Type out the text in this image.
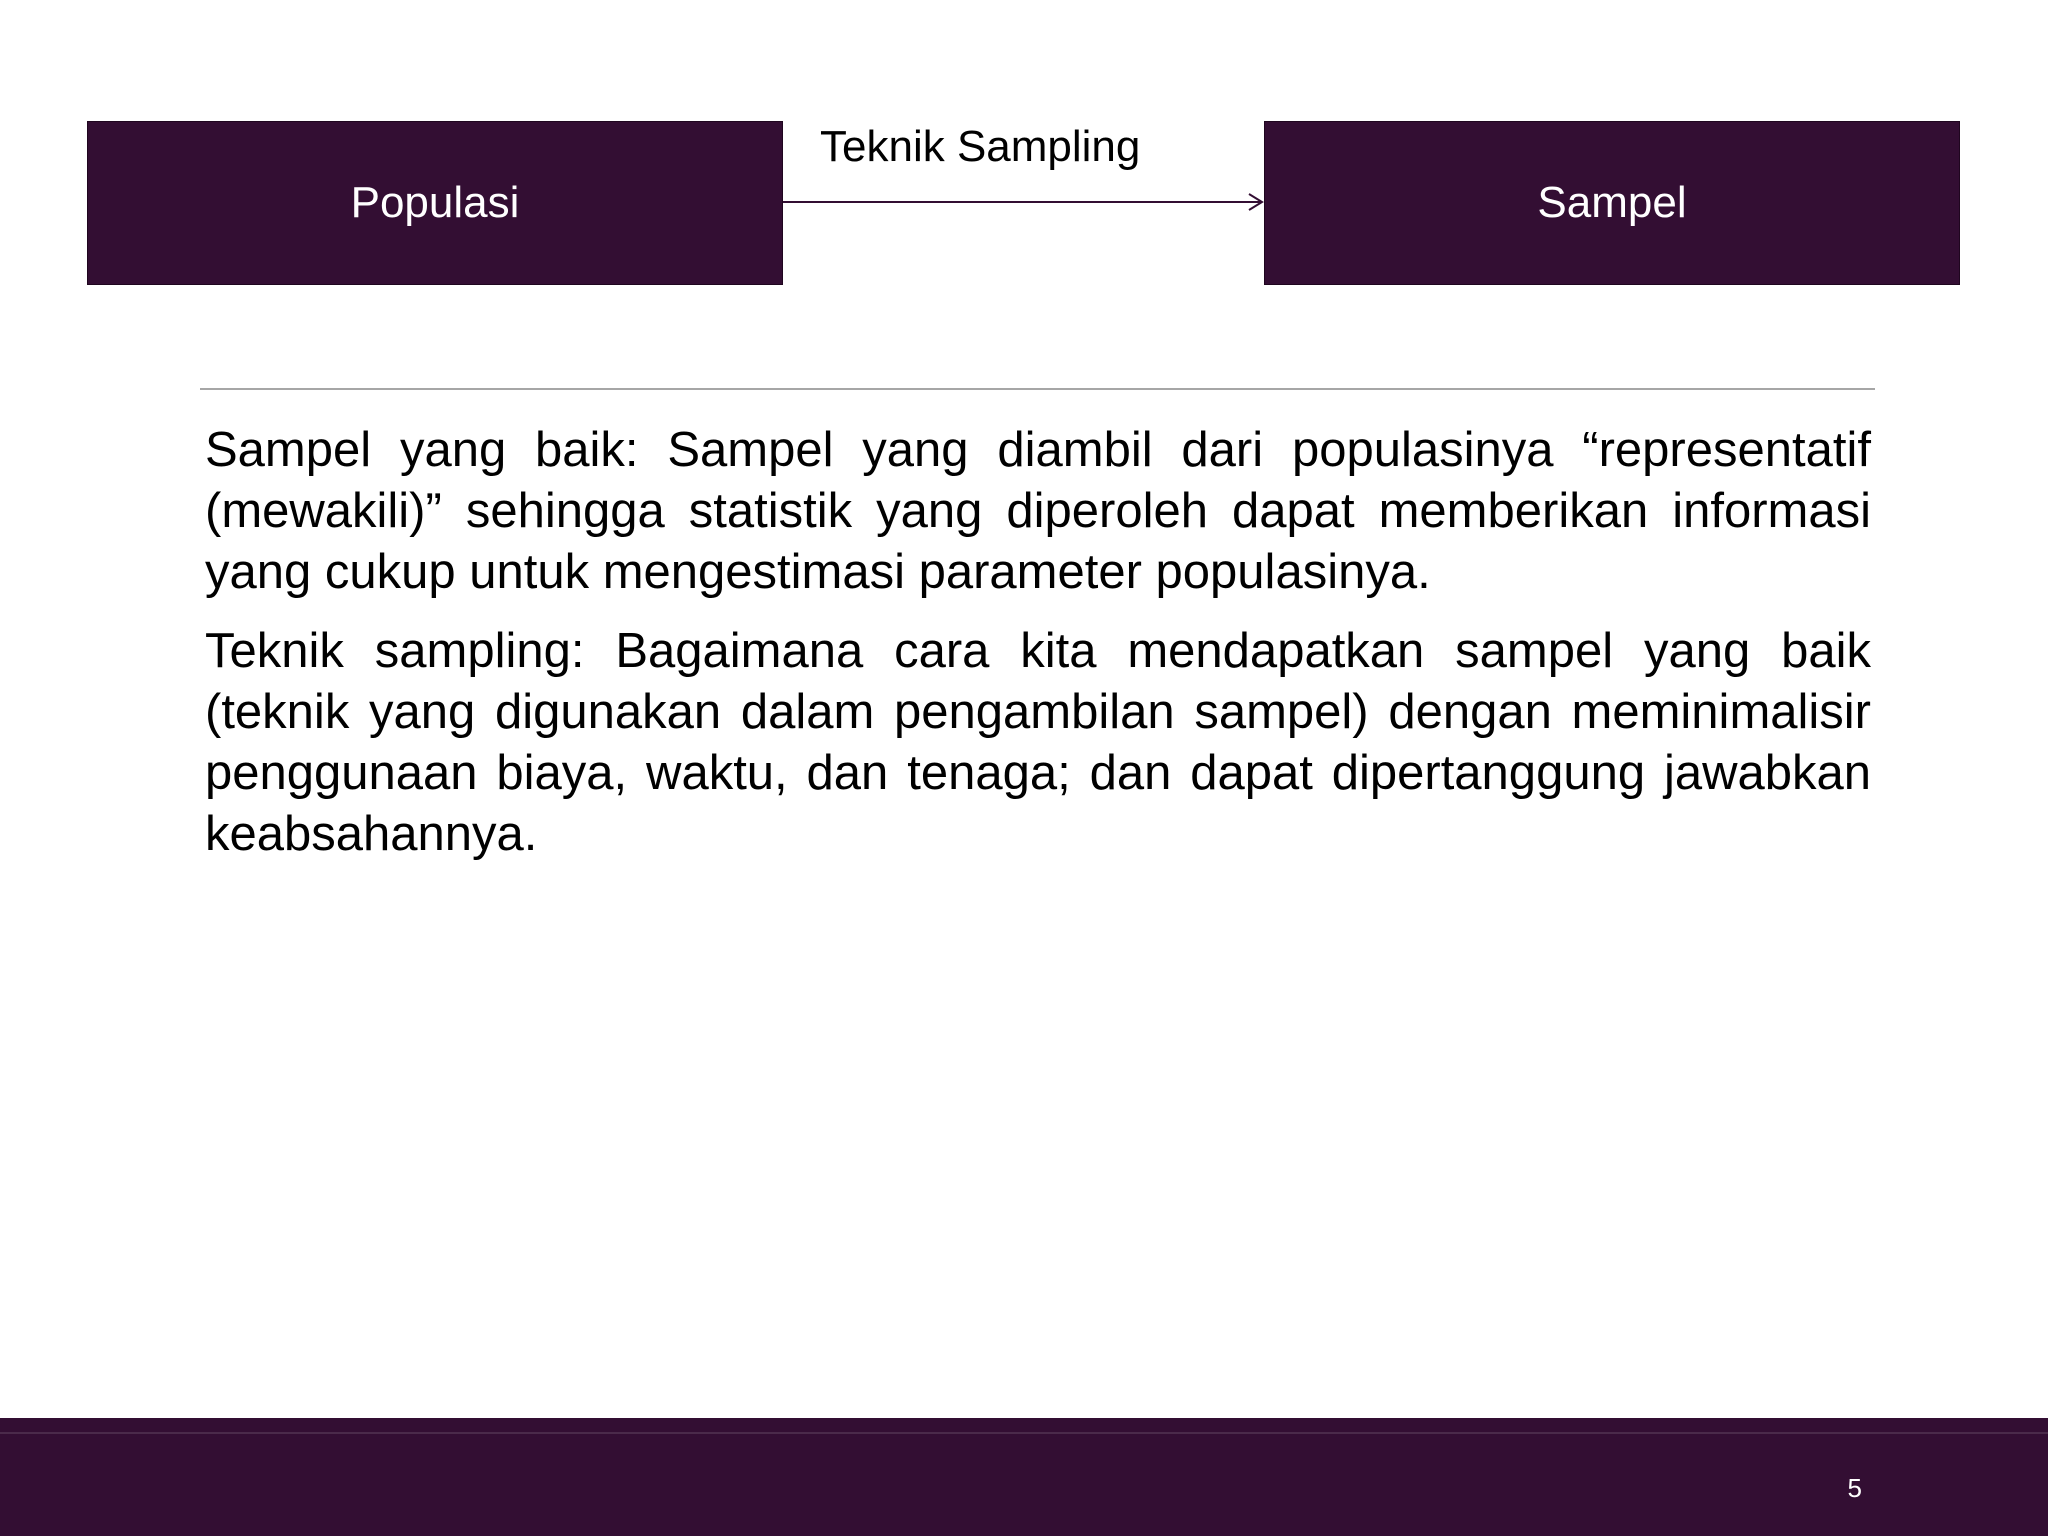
Populasi
Teknik Sampling
Sampel

Sampel yang baik: Sampel yang diambil dari populasinya “representatif (mewakili)” sehingga statistik yang diperoleh dapat memberikan informasi yang cukup untuk mengestimasi parameter populasinya.

Teknik sampling: Bagaimana cara kita mendapatkan sampel yang baik (teknik yang digunakan dalam pengambilan sampel) dengan meminimalisir penggunaan biaya, waktu, dan tenaga; dan dapat dipertanggung jawabkan keabsahannya.

5
